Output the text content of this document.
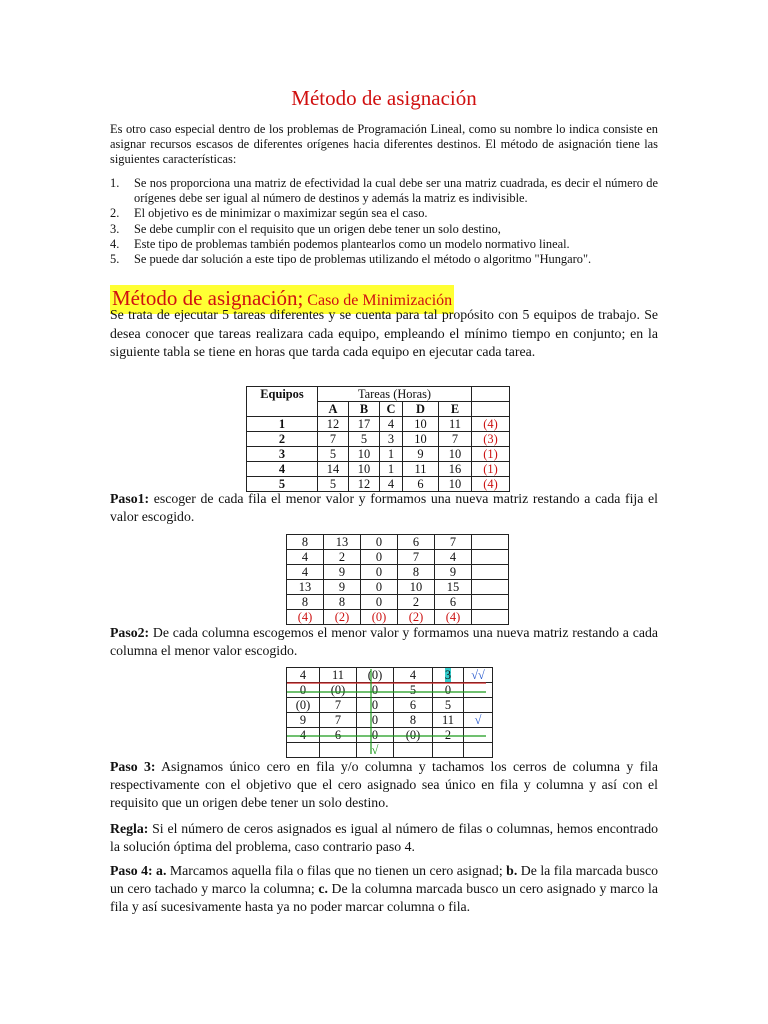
Método de asignación
Es otro caso especial dentro de los problemas de Programación Lineal, como su nombre lo indica consiste en asignar recursos escasos de diferentes orígenes hacia diferentes destinos. El método de asignación tiene las siguientes características:
1.	Se nos proporciona una matriz de efectividad la cual debe ser una matriz cuadrada, es decir el número de orígenes debe ser igual al número de destinos y además la matriz es indivisible.
2.	El objetivo es de minimizar o maximizar según sea el caso.
3.	Se debe cumplir con el requisito que un origen debe tener un solo destino,
4.	Este tipo de problemas también podemos plantearlos como un modelo normativo lineal.
5.	Se puede dar solución a este tipo de problemas utilizando el método o algoritmo "Hungaro".
Método de asignación; Caso de Minimización
Se trata de ejecutar 5 tareas diferentes y se cuenta para tal propósito con 5 equipos de trabajo. Se desea conocer que tareas realizara cada equipo, empleando el mínimo tiempo en conjunto; en la siguiente tabla se tiene en horas que tarda cada equipo en ejecutar cada tarea.
Equipos	Tareas (Horas)					
	A	B	C	D	E	
1	12	17	4	10	11	(4)
2	7	5	3	10	7	(3)
3	5	10	1	9	10	(1)
4	14	10	1	11	16	(1)
5	5	12	4	6	10	(4)
Paso1: escoger de cada fila el menor valor y formamos una nueva matriz restando a cada fija el valor escogido.
8	13	0	6	7	
4	2	0	7	4	
4	9	0	8	9	
13	9	0	10	15	
8	8	0	2	6	
(4)	(2)	(0)	(2)	(4)	
Paso2: De cada columna escogemos el menor valor y formamos una nueva matriz restando a cada columna el menor valor escogido.
4	11	(0)	4	3	√√
0	(0)	0	5	0	
(0)	7	0	6	5	
9	7	0	8	11	√
4	6	0	(0)	2	
		√			
Paso 3: Asignamos único cero en fila y/o columna y tachamos los cerros de columna y fila respectivamente con el objetivo que el cero asignado sea único en fila y columna y así con el requisito que un origen debe tener un solo destino.
Regla: Si el número de ceros asignados es igual al número de filas o columnas, hemos encontrado la solución óptima del problema, caso contrario paso 4.
Paso 4: a. Marcamos aquella fila o filas que no tienen un cero asignad; b. De la fila marcada busco un cero tachado y marco la columna; c. De la columna marcada busco un cero asignado y marco la fila y así sucesivamente hasta ya no poder marcar columna o fila.
